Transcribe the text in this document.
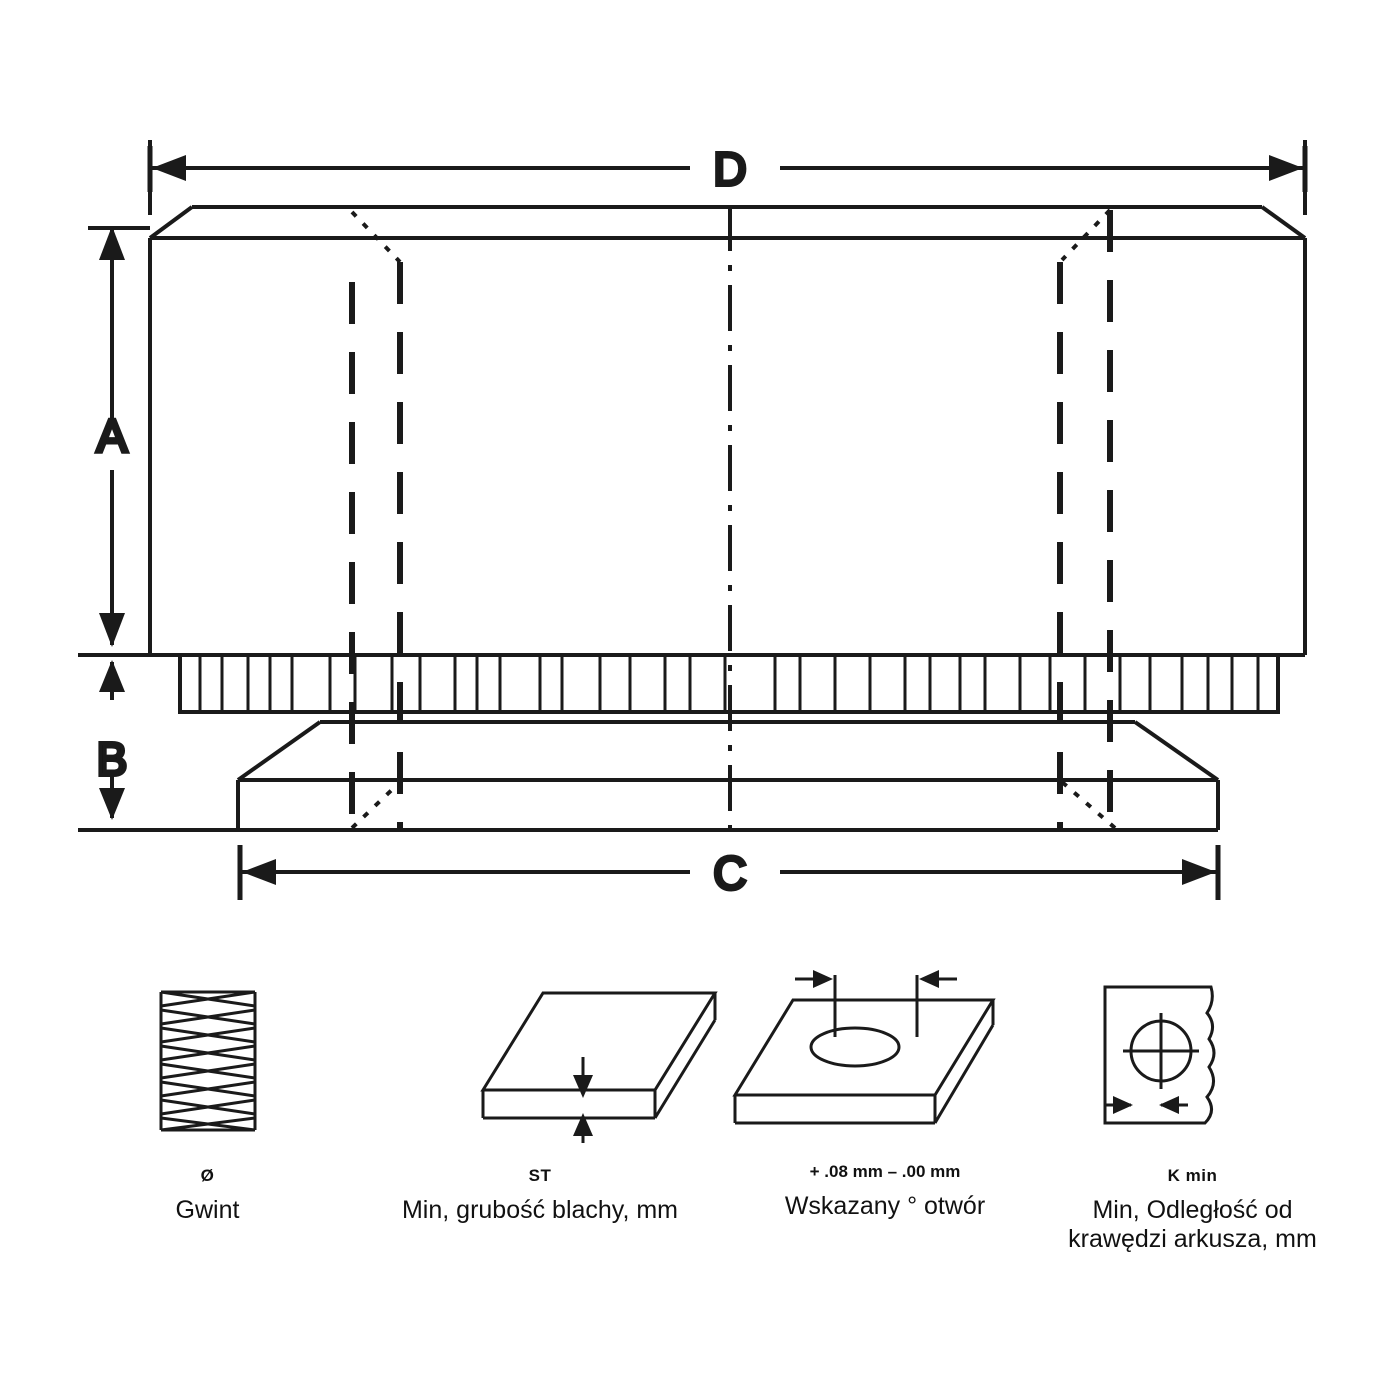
D
A
B
C
Ø
Gwint
ST
Min, grubość blachy, mm
+ .08 mm – .00 mm
Wskazany ° otwór
K min
Min, Odległość od krawędzi arkusza, mm
